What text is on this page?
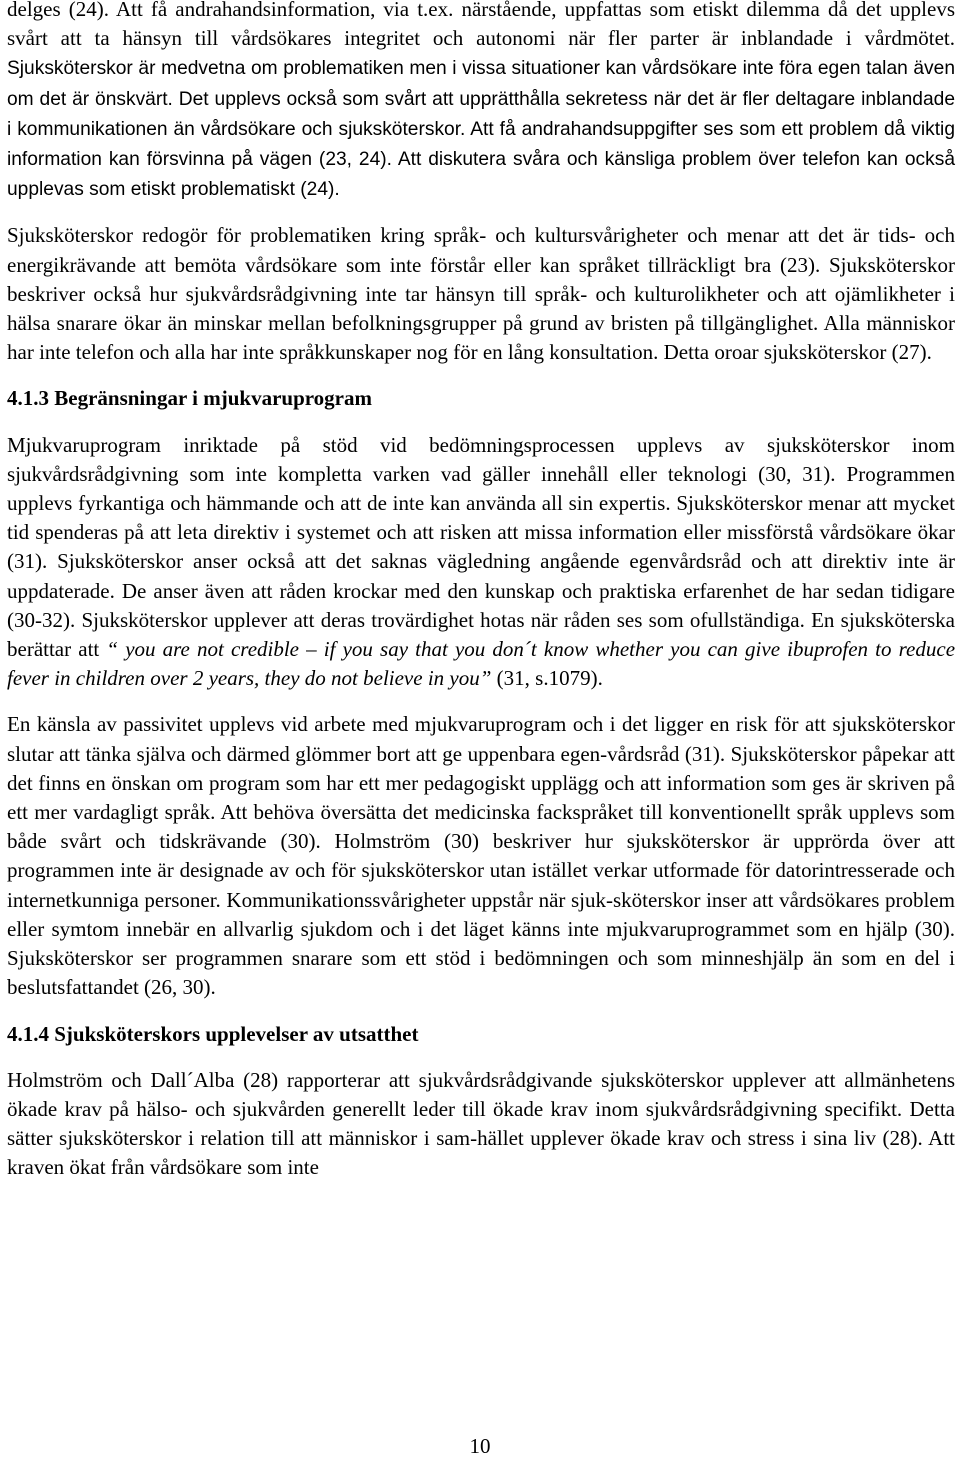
delges (24). Att få andrahandsinformation, via t.ex. närstående, uppfattas som etiskt dilemma då det upplevs svårt att ta hänsyn till vårdsökares integritet och autonomi när fler parter är inblandade i vårdmötet. Sjuksköterskor är medvetna om problematiken men i vissa situationer kan vårdsökare inte föra egen talan även om det är önskvärt. Det upplevs också som svårt att upprätthålla sekretess när det är fler deltagare inblandade i kommunikationen än vårdsökare och sjuksköterskor. Att få andrahandsuppgifter ses som ett problem då viktig information kan försvinna på vägen (23, 24). Att diskutera svåra och känsliga problem över telefon kan också upplevas som etiskt problematiskt (24).

Sjuksköterskor redogör för problematiken kring språk- och kultursvårigheter och menar att det är tids- och energikrävande att bemöta vårdsökare som inte förstår eller kan språket tillräckligt bra (23). Sjuksköterskor beskriver också hur sjukvårdsrådgivning inte tar hänsyn till språk- och kulturolikheter och att ojämlikheter i hälsa snarare ökar än minskar mellan befolkningsgrupper på grund av bristen på tillgänglighet. Alla människor har inte telefon och alla har inte språkkunskaper nog för en lång konsultation. Detta oroar sjuksköterskor (27).

4.1.3 Begränsningar i mjukvaruprogram

Mjukvaruprogram inriktade på stöd vid bedömningsprocessen upplevs av sjuksköterskor inom sjukvårdsrådgivning som inte kompletta varken vad gäller innehåll eller teknologi (30, 31). Programmen upplevs fyrkantiga och hämmande och att de inte kan använda all sin expertis. Sjuksköterskor menar att mycket tid spenderas på att leta direktiv i systemet och att risken att missa information eller missförstå vårdsökare ökar (31). Sjuksköterskor anser också att det saknas vägledning angående egenvårdsråd och att direktiv inte är uppdaterade. De anser även att råden krockar med den kunskap och praktiska erfarenhet de har sedan tidigare (30-32). Sjuksköterskor upplever att deras trovärdighet hotas när råden ses som ofullständiga. En sjuksköterska berättar att “ you are not credible – if you say that you don´t know whether you can give ibuprofen to reduce fever in children over 2 years, they do not believe in you” (31, s.1079).

En känsla av passivitet upplevs vid arbete med mjukvaruprogram och i det ligger en risk för att sjuksköterskor slutar att tänka själva och därmed glömmer bort att ge uppenbara egen-vårdsråd (31). Sjuksköterskor påpekar att det finns en önskan om program som har ett mer pedagogiskt upplägg och att information som ges är skriven på ett mer vardagligt språk. Att behöva översätta det medicinska fackspråket till konventionellt språk upplevs som både svårt och tidskrävande (30). Holmström (30) beskriver hur sjuksköterskor är upprörda över att programmen inte är designade av och för sjuksköterskor utan istället verkar utformade för datorintresserade och internetkunniga personer. Kommunikationssvårigheter uppstår när sjuk-sköterskor inser att vårdsökares problem eller symtom innebär en allvarlig sjukdom och i det läget känns inte mjukvaruprogrammet som en hjälp (30). Sjuksköterskor ser programmen snarare som ett stöd i bedömningen och som minneshjälp än som en del i beslutsfattandet (26, 30).

4.1.4 Sjuksköterskors upplevelser av utsatthet

Holmström och Dall´Alba (28) rapporterar att sjukvårdsrådgivande sjuksköterskor upplever att allmänhetens ökade krav på hälso- och sjukvården generellt leder till ökade krav inom sjukvårdsrådgivning specifikt. Detta sätter sjuksköterskor i relation till att människor i sam-hället upplever ökade krav och stress i sina liv (28). Att kraven ökat från vårdsökare som inte

10
